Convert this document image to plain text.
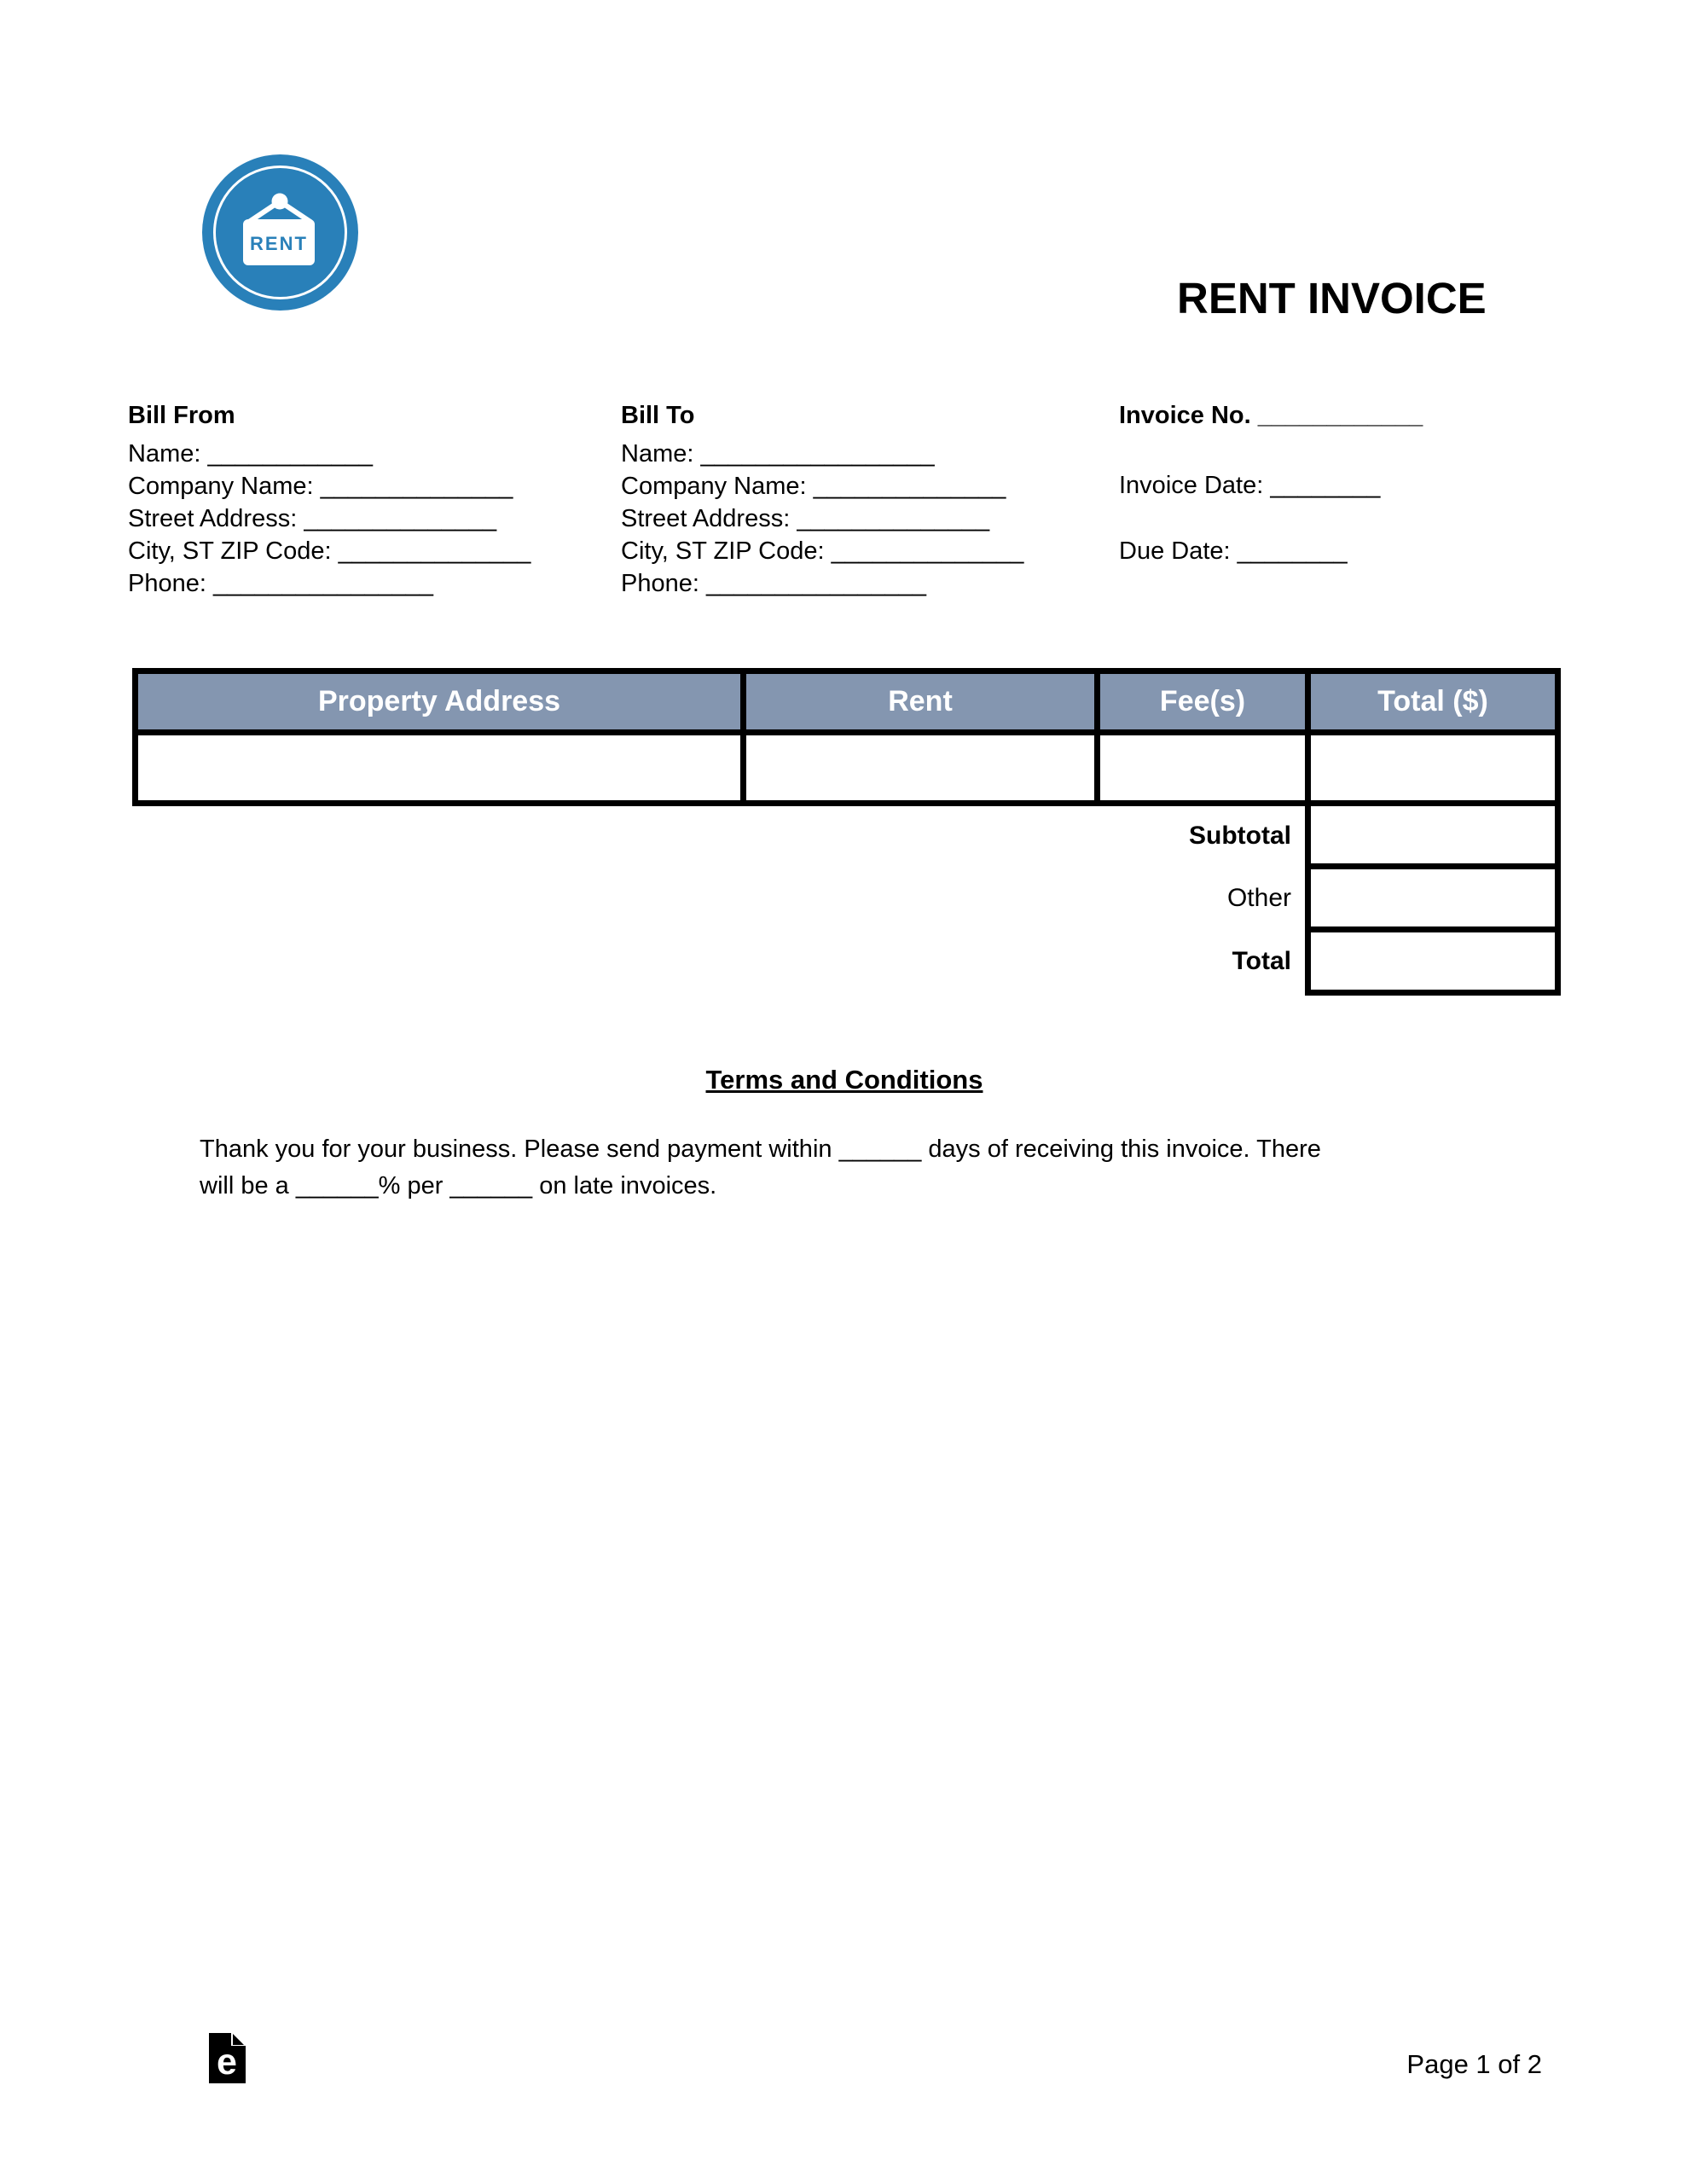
RENT
RENT INVOICE
Bill From
Name: ____________
Company Name: ______________
Street Address: ______________
City, ST ZIP Code: ______________
Phone: ________________
Bill To
Name: _________________
Company Name: ______________
Street Address: ______________
City, ST ZIP Code: ______________
Phone: ________________
Invoice No. ____________
Invoice Date: ________
Due Date: ________
Property Address	Rent	Fee(s)	Total ($)

Subtotal			
Other			
Total			
Terms and Conditions
Thank you for your business. Please send payment within ______ days of receiving this invoice. There
will be a ______% per ______ on late invoices.
e	Page 1 of 2
